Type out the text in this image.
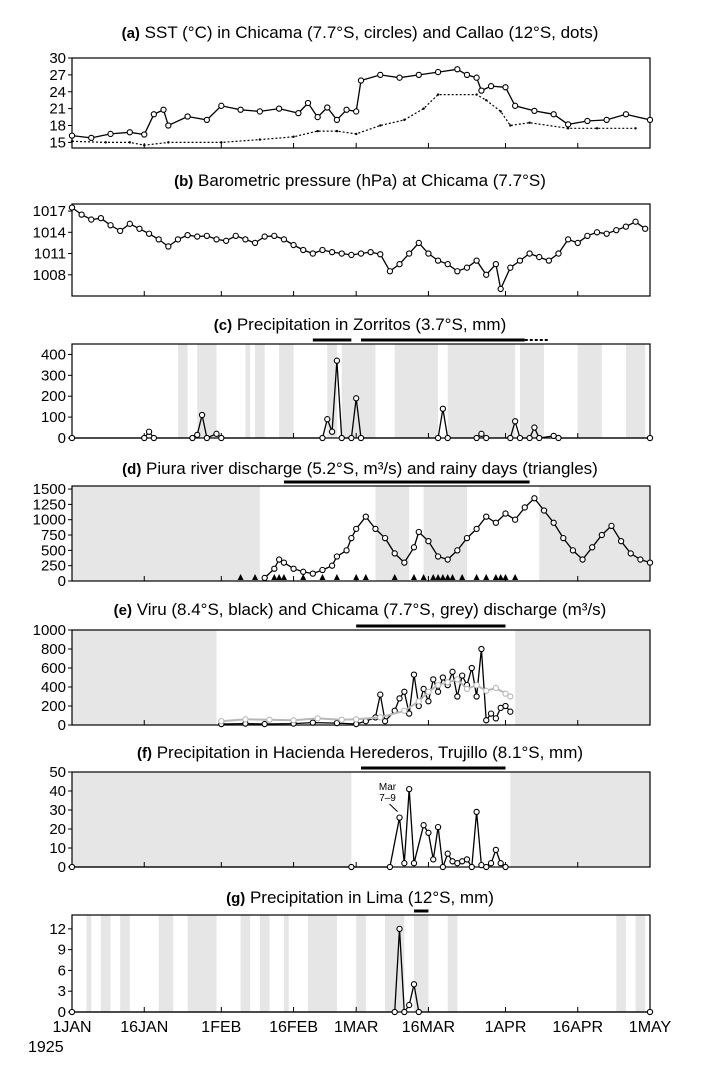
(a) SST (°C) in Chicama (7.7°S, circles) and Callao (12°S, dots)
30
27
24
21
18
15
(b) Barometric pressure (hPa) at Chicama (7.7°S)
1017
1014
1011
1008
(c) Precipitation in Zorritos (3.7°S, mm)
400
300
200
100
0
(d) Piura river discharge (5.2°S, m³/s) and rainy days (triangles)
1500
1250
1000
750
500
250
0
(e) Viru (8.4°S, black) and Chicama (7.7°S, grey) discharge (m³/s)
1000
800
600
400
200
0
(f) Precipitation in Hacienda Herederos, Trujillo (8.1°S, mm)
50
40
30
20
10
0
Mar 7–9
(g) Precipitation in Lima (12°S, mm)
12
9
6
3
0
1JAN 16JAN 1FEB 16FEB 1MAR 16MAR 1APR 16APR 1MAY
1925
